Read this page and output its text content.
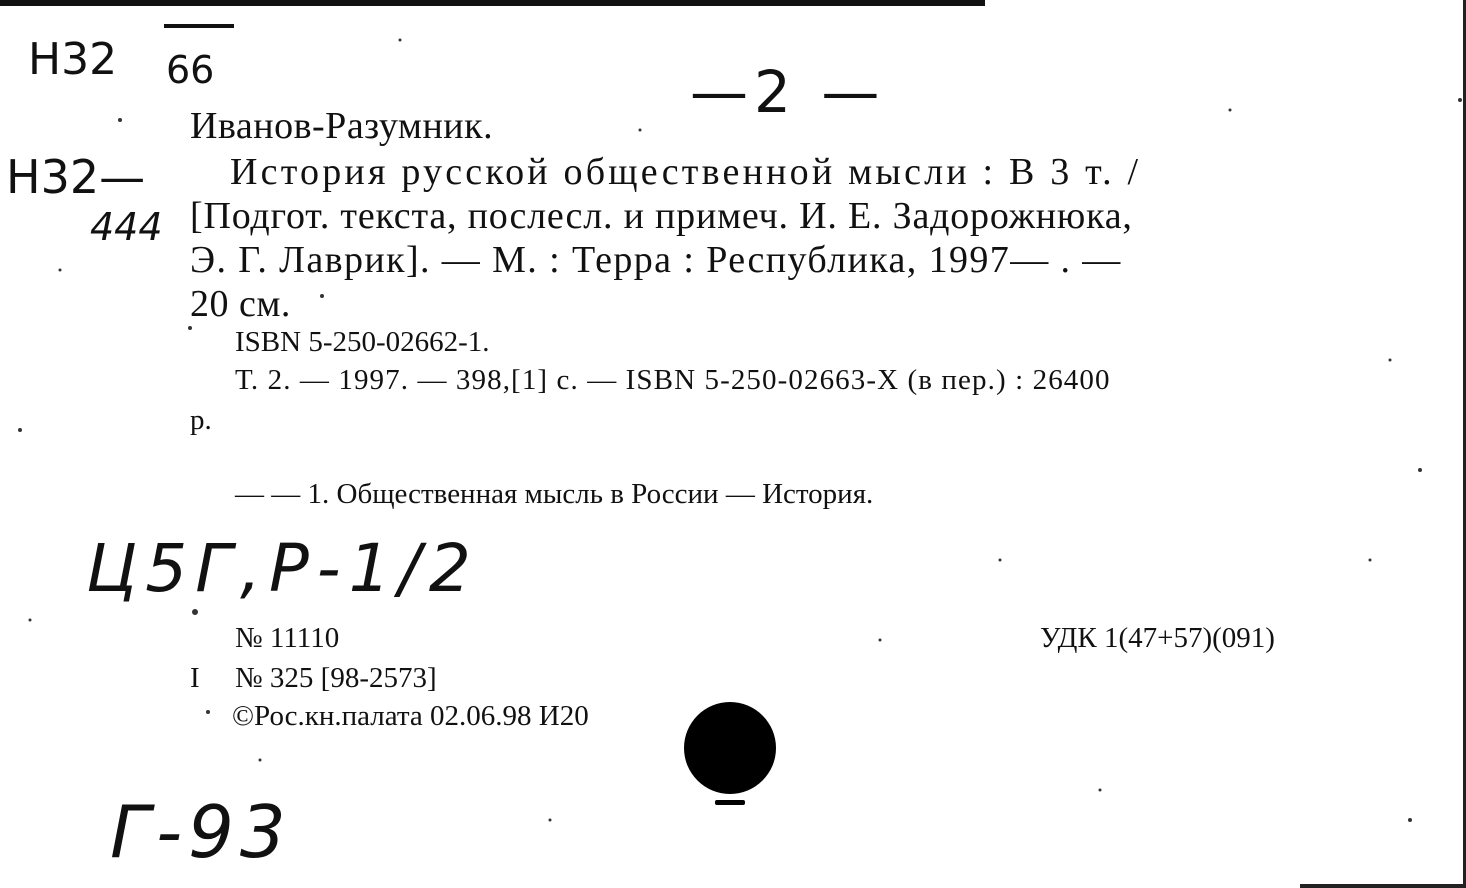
Н32 66	—2 —
Н32—
444
Иванов-Разумник.
История русской общественной мысли : В 3 т. /
[Подгот. текста, послесл. и примеч. И. Е. Задорожнюка,
Э. Г. Лаврик]. — М. : Терра : Республика, 1997— . —
20 см.
ISBN 5-250-02662-1.
Т. 2. — 1997. — 398,[1] с. — ISBN 5-250-02663-Х (в пер.) : 26400
р.
— — 1. Общественная мысль в России — История.
Ц5Г,Р-1/2
№ 11110	УДК 1(47+57)(091)
I № 325 [98-2573]
©Рос.кн.палата 02.06.98 И20
Г-93
